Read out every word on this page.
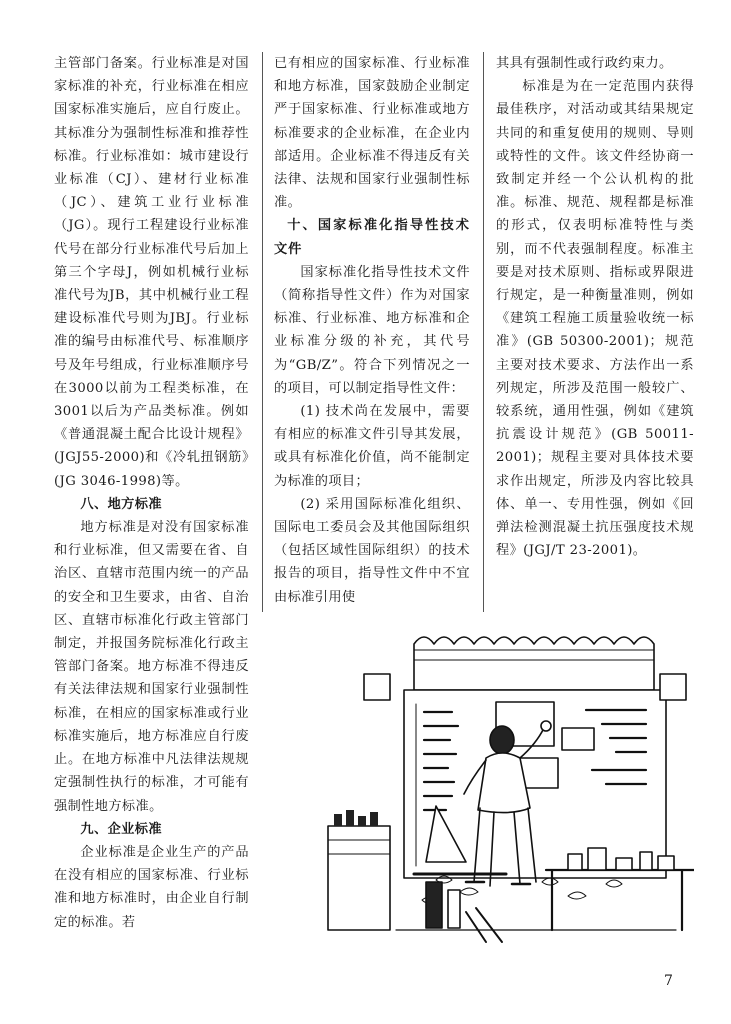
主管部门备案。行业标准是对国家标准的补充，行业标准在相应国家标准实施后，应自行废止。其标准分为强制性标准和推荐性标准。行业标准如：城市建设行业标准（CJ）、建材行业标准（JC）、建筑工业行业标准（JG）。现行工程建设行业标准代号在部分行业标准代号后加上第三个字母J，例如机械行业标准代号为JB，其中机械行业工程建设标准代号则为JBJ。行业标准的编号由标准代号、标准顺序号及年号组成，行业标准顺序号在3000以前为工程类标准，在3001以后为产品类标准。例如《普通混凝土配合比设计规程》(JGJ55-2000)和《冷轧扭钢筋》(JG 3046-1998)等。

八、地方标准

地方标准是对没有国家标准和行业标准，但又需要在省、自治区、直辖市范围内统一的产品的安全和卫生要求，由省、自治区、直辖市标准化行政主管部门制定，并报国务院标准化行政主管部门备案。地方标准不得违反有关法律法规和国家行业强制性标准，在相应的国家标准或行业标准实施后，地方标准应自行废止。在地方标准中凡法律法规规定强制性执行的标准，才可能有强制性地方标准。

九、企业标准

企业标准是企业生产的产品在没有相应的国家标准、行业标准和地方标准时，由企业自行制定的标准。若

已有相应的国家标准、行业标准和地方标准，国家鼓励企业制定严于国家标准、行业标准或地方标准要求的企业标准，在企业内部适用。企业标准不得违反有关法律、法规和国家行业强制性标准。

十、国家标准化指导性技术文件

国家标准化指导性技术文件（简称指导性文件）作为对国家标准、行业标准、地方标准和企业标准分级的补充，其代号为“GB/Z”。符合下列情况之一的项目，可以制定指导性文件：

(1) 技术尚在发展中，需要有相应的标准文件引导其发展，或具有标准化价值，尚不能制定为标准的项目；

(2) 采用国际标准化组织、国际电工委员会及其他国际组织（包括区域性国际组织）的技术报告的项目，指导性文件中不宜由标准引用使

其具有强制性或行政约束力。

标准是为在一定范围内获得最佳秩序，对活动或其结果规定共同的和重复使用的规则、导则或特性的文件。该文件经协商一致制定并经一个公认机构的批准。标准、规范、规程都是标准的形式，仅表明标准特性与类别，而不代表强制程度。标准主要是对技术原则、指标或界限进行规定，是一种衡量准则，例如《建筑工程施工质量验收统一标准》(GB 50300-2001)；规范主要对技术要求、方法作出一系列规定，所涉及范围一般较广、较系统，通用性强，例如《建筑抗震设计规范》(GB 50011-2001)；规程主要对具体技术要求作出规定，所涉及内容比较具体、单一、专用性强，例如《回弹法检测混凝土抗压强度技术规程》(JGJ/T 23-2001)。

7
